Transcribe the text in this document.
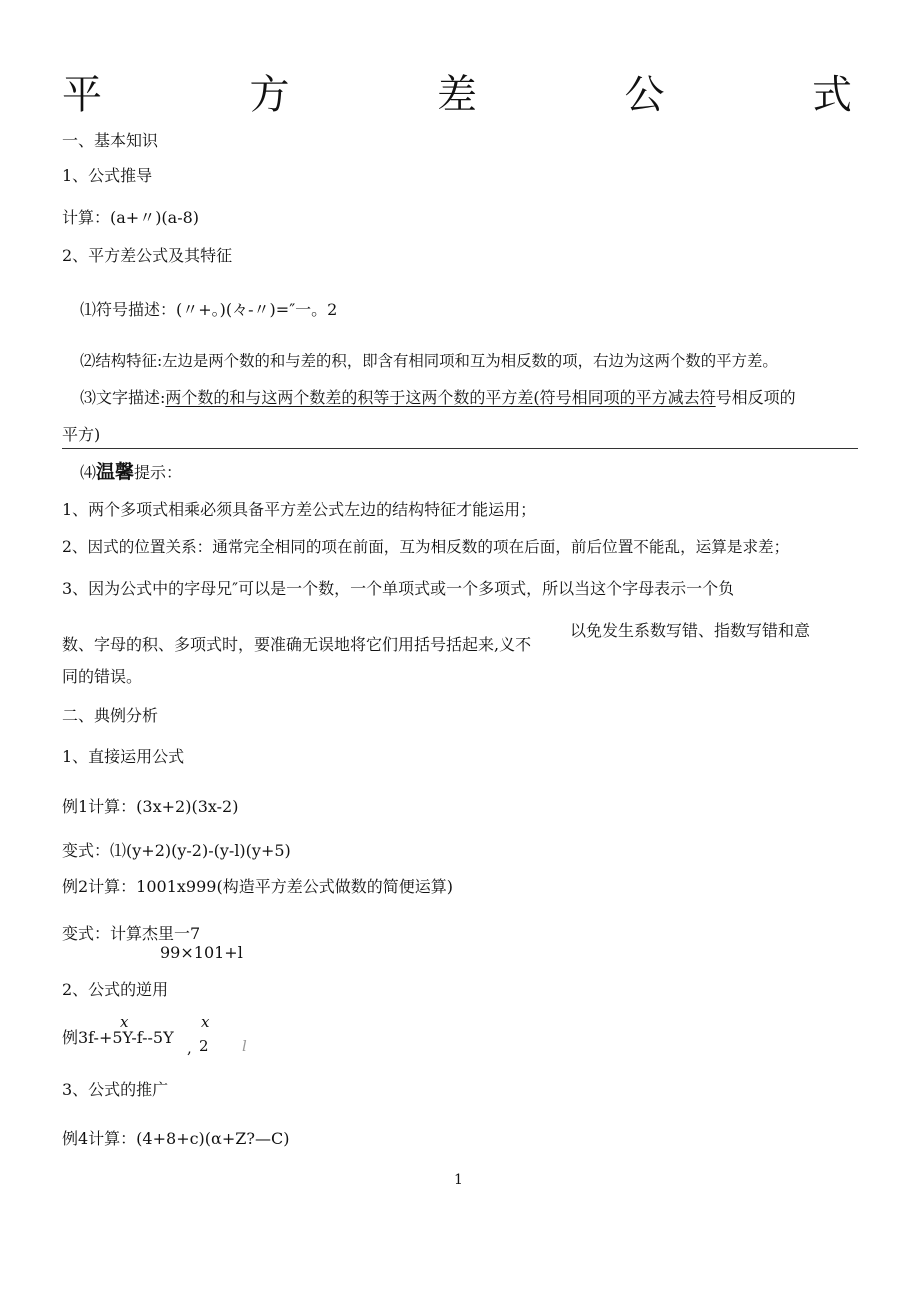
平	方	差	公	式
一、基本知识
1、公式推导
计算：(a+〃)(a-8)
2、平方差公式及其特征
⑴符号描述：(〃+。)(々-〃)=″一。2
⑵结构特征:左边是两个数的和与差的积，即含有相同项和互为相反数的项，右边为这两个数的平方差。
⑶文字描述:两个数的和与这两个数差的积等于这两个数的平方差(符号相同项的平方减去符号相反项的
平方)
⑷温馨提示：
1、两个多项式相乘必须具备平方差公式左边的结构特征才能运用；
2、因式的位置关系：通常完全相同的项在前面，互为相反数的项在后面，前后位置不能乱，运算是求差；
3、因为公式中的字母兄″可以是一个数，一个单项式或一个多项式，所以当这个字母表示一个负
数、字母的积、多项式时，要准确无误地将它们用括号括起来,义不
以免发生系数写错、指数写错和意
同的错误。
二、典例分析
1、直接运用公式
例1计算：(3x+2)(3x-2)
变式：⑴(y+2)(y-2)-(y-l)(y+5)
例2计算：1001x999(构造平方差公式做数的简便运算)
变式：计算杰里一7
99×101+l
2、公式的逆用
例3f-+5Y-f--5Y
x	x
, 2 l
3、公式的推广
例4计算：(4+8+c)(α+Z?—C)
1
